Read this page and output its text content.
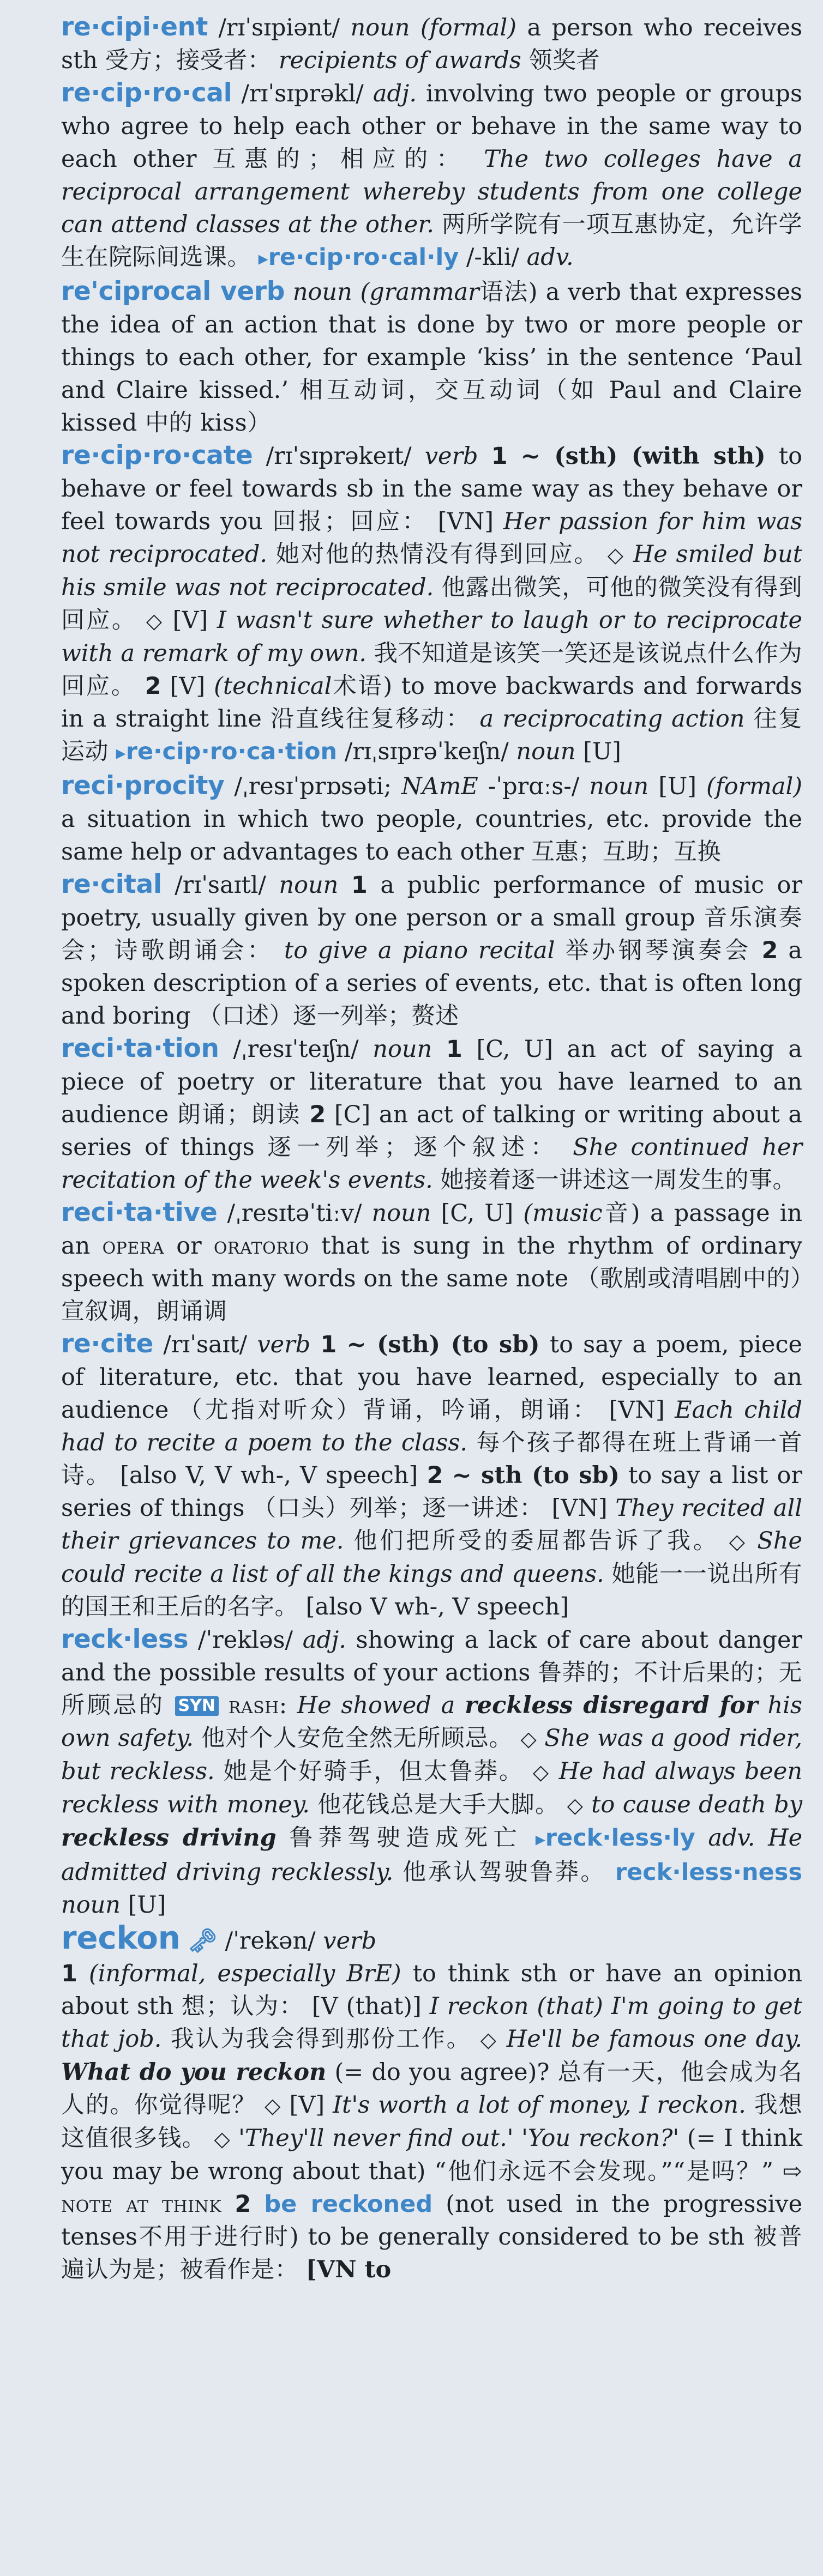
re·cipi·ent /rɪˈsɪpiənt/ noun (formal) a person who receives sth 受方；接受者： recipients of awards 领奖者

re·cip·ro·cal /rɪˈsɪprəkl/ adj. involving two people or groups who agree to help each other or behave in the same way to each other 互惠的；相应的： The two colleges have a reciprocal arrangement whereby students from one college can attend classes at the other. 两所学院有一项互惠协定，允许学生在院际间选课。 ▸re·cip·ro·cal·ly /-kli/ adv.

re'ciprocal verb noun (grammar语法) a verb that expresses the idea of an action that is done by two or more people or things to each other, for example ‘kiss’ in the sentence ‘Paul and Claire kissed.’ 相互动词，交互动词（如 Paul and Claire kissed 中的 kiss）

re·cip·ro·cate /rɪˈsɪprəkeɪt/ verb 1 ~ (sth) (with sth) to behave or feel towards sb in the same way as they behave or feel towards you 回报；回应： [VN] Her passion for him was not reciprocated. 她对他的热情没有得到回应。 ◇ He smiled but his smile was not reciprocated. 他露出微笑，可他的微笑没有得到回应。 ◇ [V] I wasn't sure whether to laugh or to reciprocate with a remark of my own. 我不知道是该笑一笑还是该说点什么作为回应。 2 [V] (technical术语) to move backwards and forwards in a straight line 沿直线往复移动： a reciprocating action 往复运动 ▸re·cip·ro·ca·tion /rɪˌsɪprəˈkeɪʃn/ noun [U]

reci·procity /ˌresɪˈprɒsəti; NAmE -ˈprɑːs-/ noun [U] (formal) a situation in which two people, countries, etc. provide the same help or advantages to each other 互惠；互助；互换

re·cital /rɪˈsaɪtl/ noun 1 a public performance of music or poetry, usually given by one person or a small group 音乐演奏会；诗歌朗诵会： to give a piano recital 举办钢琴演奏会 2 a spoken description of a series of events, etc. that is often long and boring （口述）逐一列举；赘述

reci·ta·tion /ˌresɪˈteɪʃn/ noun 1 [C, U] an act of saying a piece of poetry or literature that you have learned to an audience 朗诵；朗读 2 [C] an act of talking or writing about a series of things 逐一列举；逐个叙述： She continued her recitation of the week's events. 她接着逐一讲述这一周发生的事。

reci·ta·tive /ˌresɪtəˈtiːv/ noun [C, U] (music音) a passage in an opera or oratorio that is sung in the rhythm of ordinary speech with many words on the same note （歌剧或清唱剧中的）宣叙调，朗诵调

re·cite /rɪˈsaɪt/ verb 1 ~ (sth) (to sb) to say a poem, piece of literature, etc. that you have learned, especially to an audience （尤指对听众）背诵，吟诵，朗诵： [VN] Each child had to recite a poem to the class. 每个孩子都得在班上背诵一首诗。 [also V, V wh-, V speech] 2 ~ sth (to sb) to say a list or series of things （口头）列举；逐一讲述： [VN] They recited all their grievances to me. 他们把所受的委屈都告诉了我。 ◇ She could recite a list of all the kings and queens. 她能一一说出所有的国王和王后的名字。 [also V wh-, V speech]

reck·less /ˈrekləs/ adj. showing a lack of care about danger and the possible results of your actions 鲁莽的；不计后果的；无所顾忌的 SYN rash: He showed a reckless disregard for his own safety. 他对个人安危全然无所顾忌。 ◇ She was a good rider, but reckless. 她是个好骑手，但太鲁莽。 ◇ He had always been reckless with money. 他花钱总是大手大脚。 ◇ to cause death by reckless driving 鲁莽驾驶造成死亡 ▸reck·less·ly adv. He admitted driving recklessly. 他承认驾驶鲁莽。 reck·less·ness noun [U]

reckon 🗝 /ˈrekən/ verb
1 (informal, especially BrE) to think sth or have an opinion about sth 想；认为： [V (that)] I reckon (that) I'm going to get that job. 我认为我会得到那份工作。 ◇ He'll be famous one day. What do you reckon (= do you agree)? 总有一天，他会成为名人的。你觉得呢？ ◇ [V] It's worth a lot of money, I reckon. 我想这值很多钱。 ◇ 'They'll never find out.' 'You reckon?' (= I think you may be wrong about that) “他们永远不会发现。”“是吗？” ⇨ note at think 2 be reckoned (not used in the progressive tenses不用于进行时) to be generally considered to be sth 被普遍认为是；被看作是： [VN to
